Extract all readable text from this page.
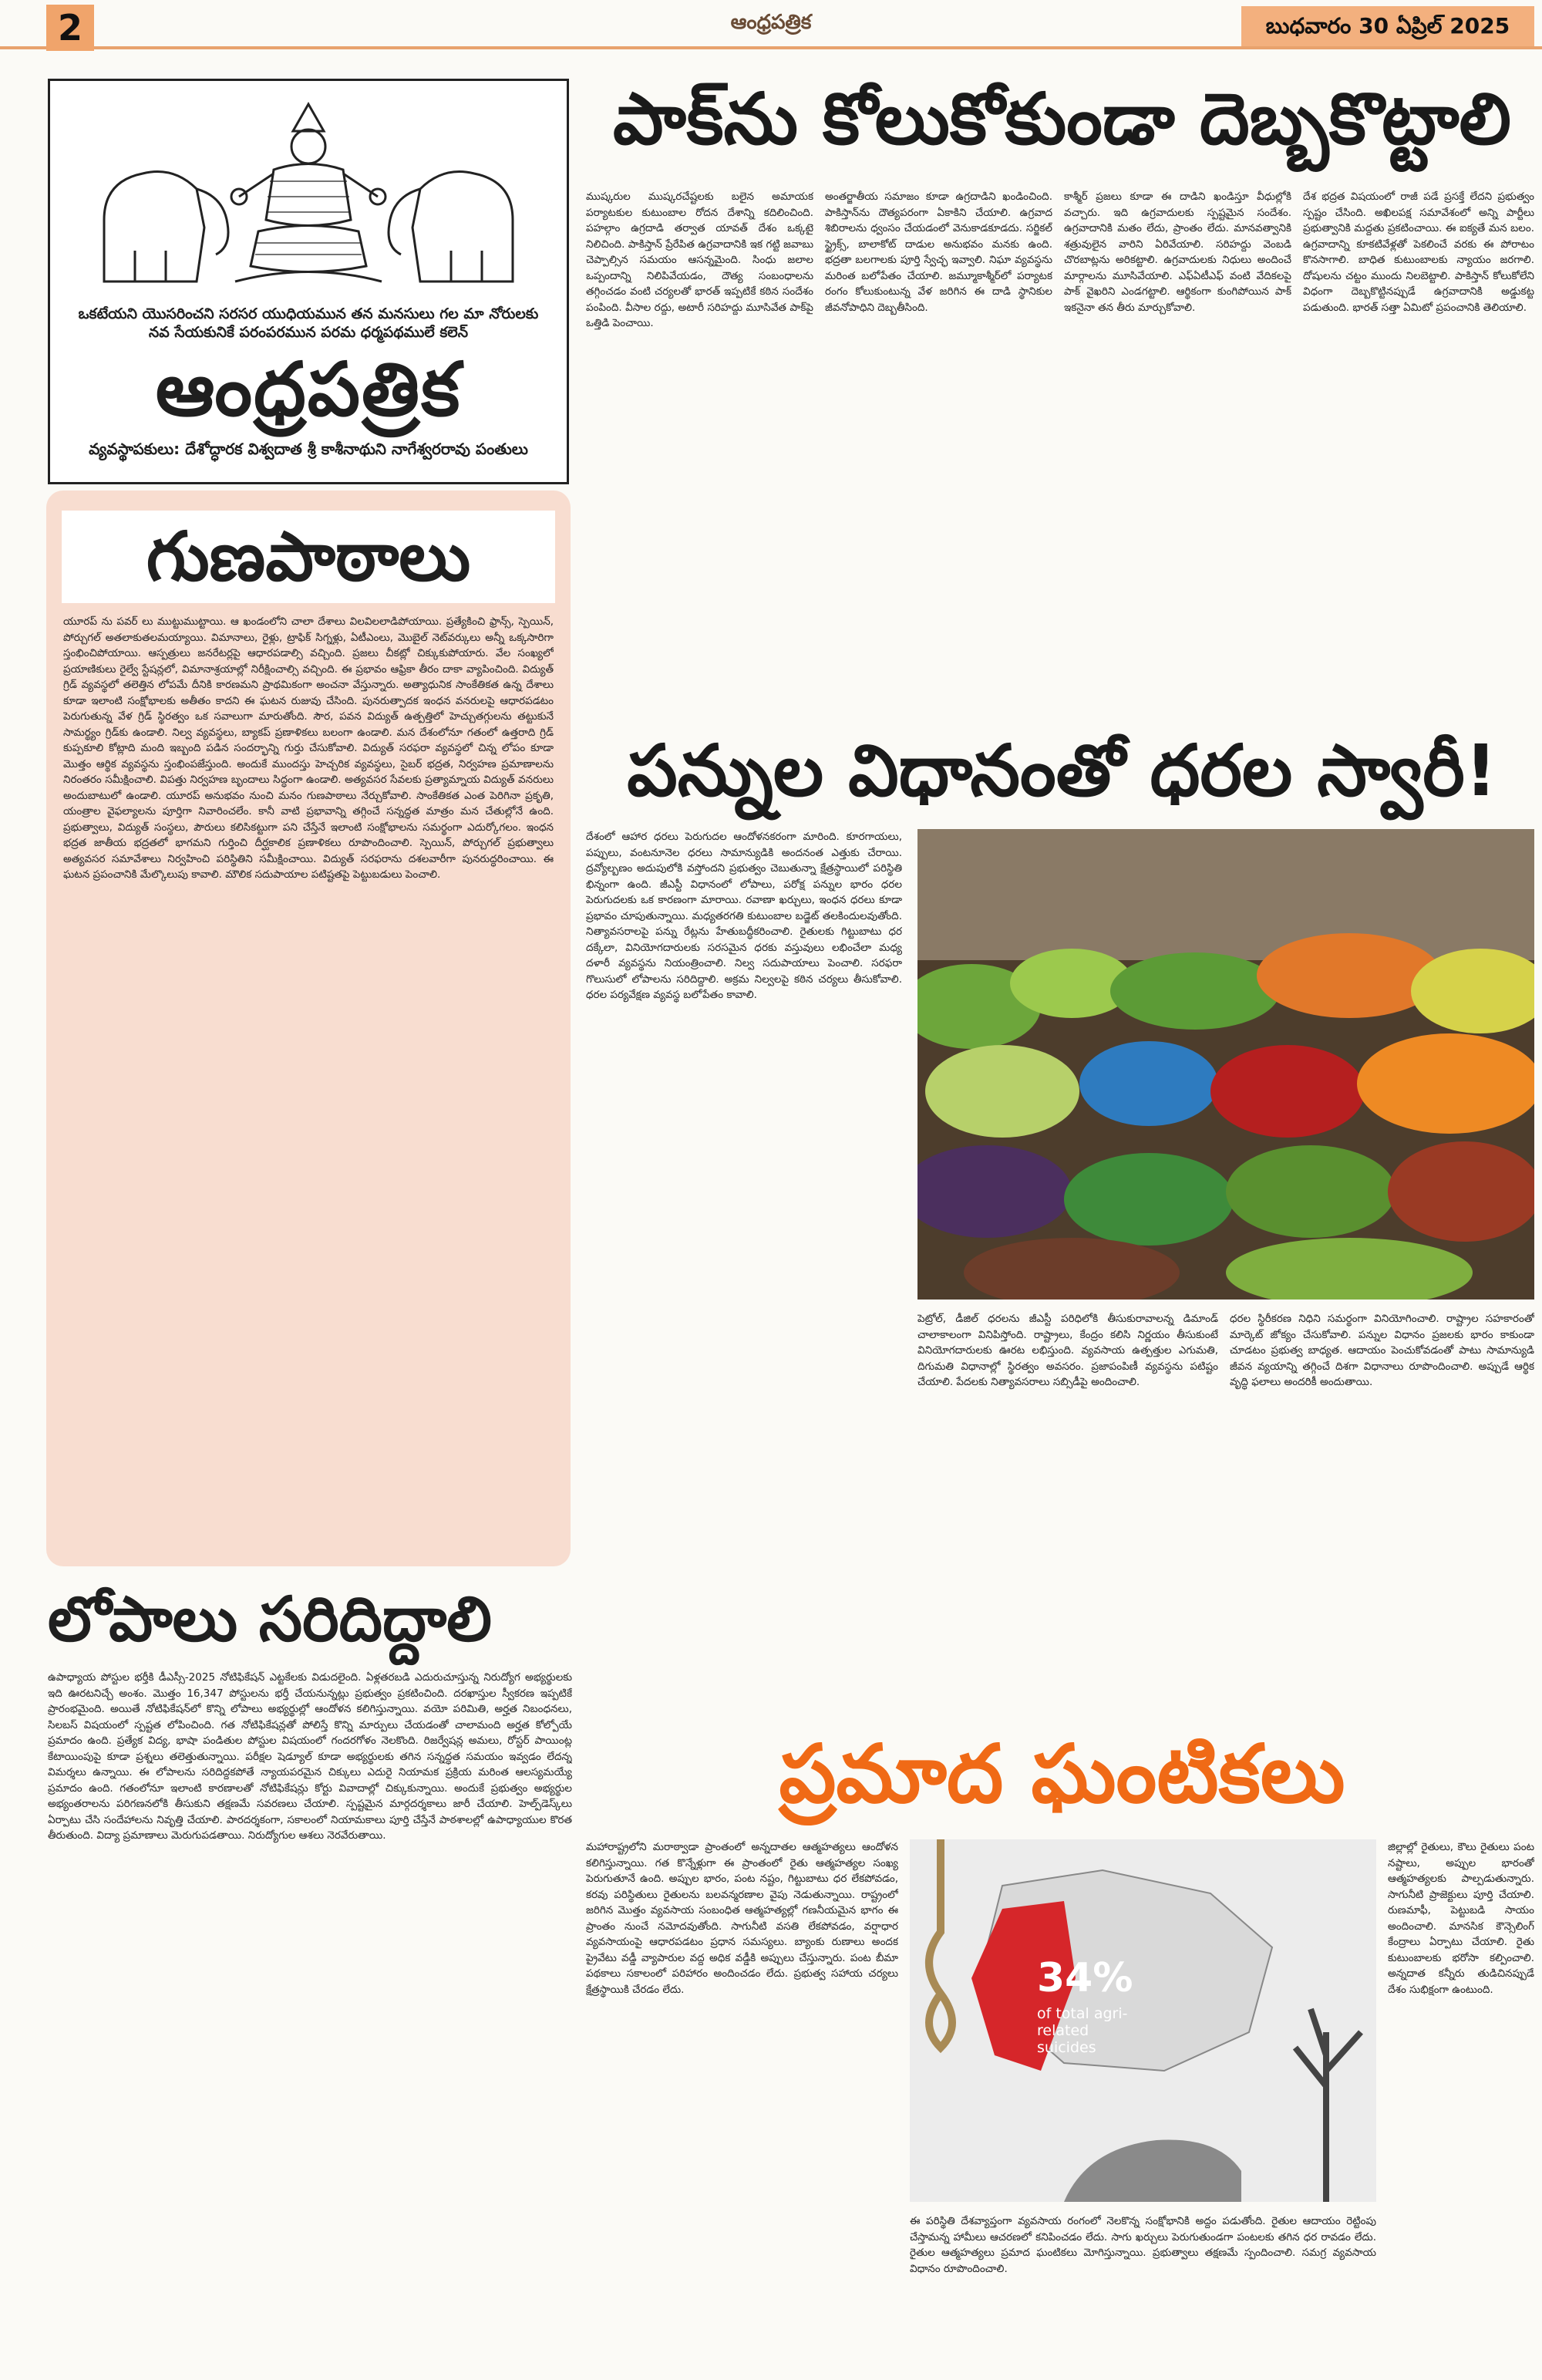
2	ఆంధ్రపత్రిక	బుధవారం 30 ఏప్రిల్ 2025
ఒకటేయని యొసరించని సరసర యుధియమున తన మనసులు గల మా నోరులకు నవ సేయకునికే పరంపరమున పరమ ధర్మపథములే కలెన్
ఆంధ్రపత్రిక
వ్యవస్థాపకులు: దేశోద్ధారక విశ్వదాత శ్రీ కాశీనాథుని నాగేశ్వరరావు పంతులు
గుణపాఠాలు
యూరప్ ను పవర్ లు ముట్టుముట్టాయి. ఆ ఖండంలోని చాలా దేశాలు విలవిలలాడిపోయాయి. ప్రత్యేకించి ఫ్రాన్స్, స్పెయిన్, పోర్చుగల్ అతలాకుతలమయ్యాయి. విమానాలు, రైళ్లు, ట్రాఫిక్ సిగ్నళ్లు, ఏటీఎంలు, మొబైల్ నెట్‌వర్కులు అన్నీ ఒక్కసారిగా స్తంభించిపోయాయి. ఆస్పత్రులు జనరేటర్లపై ఆధారపడాల్సి వచ్చింది. ప్రజలు చీకట్లో చిక్కుకుపోయారు. వేల సంఖ్యలో ప్రయాణికులు రైల్వే స్టేషన్లలో, విమానాశ్రయాల్లో నిరీక్షించాల్సి వచ్చింది. ఈ ప్రభావం ఆఫ్రికా తీరం దాకా వ్యాపించింది. విద్యుత్ గ్రిడ్ వ్యవస్థలో తలెత్తిన లోపమే దీనికి కారణమని ప్రాథమికంగా అంచనా వేస్తున్నారు. అత్యాధునిక సాంకేతికత ఉన్న దేశాలు కూడా ఇలాంటి సంక్షోభాలకు అతీతం కాదని ఈ ఘటన రుజువు చేసింది. పునరుత్పాదక ఇంధన వనరులపై ఆధారపడటం పెరుగుతున్న వేళ గ్రిడ్ స్థిరత్వం ఒక సవాలుగా మారుతోంది. సౌర, పవన విద్యుత్ ఉత్పత్తిలో హెచ్చుతగ్గులను తట్టుకునే సామర్థ్యం గ్రిడ్‌కు ఉండాలి. నిల్వ వ్యవస్థలు, బ్యాకప్ ప్రణాళికలు బలంగా ఉండాలి. మన దేశంలోనూ గతంలో ఉత్తరాది గ్రిడ్ కుప్పకూలి కోట్లాది మంది ఇబ్బంది పడిన సందర్భాన్ని గుర్తు చేసుకోవాలి. విద్యుత్ సరఫరా వ్యవస్థలో చిన్న లోపం కూడా మొత్తం ఆర్థిక వ్యవస్థను స్తంభింపజేస్తుంది. అందుకే ముందస్తు హెచ్చరిక వ్యవస్థలు, సైబర్ భద్రత, నిర్వహణ ప్రమాణాలను నిరంతరం సమీక్షించాలి. విపత్తు నిర్వహణ బృందాలు సిద్ధంగా ఉండాలి. అత్యవసర సేవలకు ప్రత్యామ్నాయ విద్యుత్ వనరులు అందుబాటులో ఉండాలి. యూరప్ అనుభవం నుంచి మనం గుణపాఠాలు నేర్చుకోవాలి. సాంకేతికత ఎంత పెరిగినా ప్రకృతి, యంత్రాల వైఫల్యాలను పూర్తిగా నివారించలేం. కానీ వాటి ప్రభావాన్ని తగ్గించే సన్నద్ధత మాత్రం మన చేతుల్లోనే ఉంది. ప్రభుత్వాలు, విద్యుత్ సంస్థలు, పౌరులు కలిసికట్టుగా పని చేస్తేనే ఇలాంటి సంక్షోభాలను సమర్థంగా ఎదుర్కోగలం. ఇంధన భద్రత జాతీయ భద్రతలో భాగమని గుర్తించి దీర్ఘకాలిక ప్రణాళికలు రూపొందించాలి. స్పెయిన్, పోర్చుగల్ ప్రభుత్వాలు అత్యవసర సమావేశాలు నిర్వహించి పరిస్థితిని సమీక్షించాయి. విద్యుత్ సరఫరాను దశలవారీగా పునరుద్ధరించాయి. ఈ ఘటన ప్రపంచానికి మేల్కొలుపు కావాలి. మౌలిక సదుపాయాల పటిష్టతపై పెట్టుబడులు పెంచాలి.
లోపాలు సరిదిద్దాలి
ఉపాధ్యాయ పోస్టుల భర్తీకి డీఎస్సీ-2025 నోటిఫికేషన్ ఎట్టకేలకు విడుదలైంది. ఏళ్లతరబడి ఎదురుచూస్తున్న నిరుద్యోగ అభ్యర్థులకు ఇది ఊరటనిచ్చే అంశం. మొత్తం 16,347 పోస్టులను భర్తీ చేయనున్నట్లు ప్రభుత్వం ప్రకటించింది. దరఖాస్తుల స్వీకరణ ఇప్పటికే ప్రారంభమైంది. అయితే నోటిఫికేషన్‌లో కొన్ని లోపాలు అభ్యర్థుల్లో ఆందోళన కలిగిస్తున్నాయి. వయో పరిమితి, అర్హత నిబంధనలు, సిలబస్ విషయంలో స్పష్టత లోపించింది. గత నోటిఫికేషన్లతో పోలిస్తే కొన్ని మార్పులు చేయడంతో చాలామంది అర్హత కోల్పోయే ప్రమాదం ఉంది. ప్రత్యేక విద్య, భాషా పండితుల పోస్టుల విషయంలో గందరగోళం నెలకొంది. రిజర్వేషన్ల అమలు, రోస్టర్ పాయింట్ల కేటాయింపుపై కూడా ప్రశ్నలు తలెత్తుతున్నాయి. పరీక్షల షెడ్యూల్ కూడా అభ్యర్థులకు తగిన సన్నద్ధత సమయం ఇవ్వడం లేదన్న విమర్శలు ఉన్నాయి. ఈ లోపాలను సరిదిద్దకపోతే న్యాయపరమైన చిక్కులు ఎదురై నియామక ప్రక్రియ మరింత ఆలస్యమయ్యే ప్రమాదం ఉంది. గతంలోనూ ఇలాంటి కారణాలతో నోటిఫికేషన్లు కోర్టు వివాదాల్లో చిక్కుకున్నాయి. అందుకే ప్రభుత్వం అభ్యర్థుల అభ్యంతరాలను పరిగణనలోకి తీసుకుని తక్షణమే సవరణలు చేయాలి. స్పష్టమైన మార్గదర్శకాలు జారీ చేయాలి. హెల్ప్‌డెస్క్‌లు ఏర్పాటు చేసి సందేహాలను నివృత్తి చేయాలి. పారదర్శకంగా, సకాలంలో నియామకాలు పూర్తి చేస్తేనే పాఠశాలల్లో ఉపాధ్యాయుల కొరత తీరుతుంది. విద్యా ప్రమాణాలు మెరుగుపడతాయి. నిరుద్యోగుల ఆశలు నెరవేరుతాయి.
పాక్‌ను కోలుకోకుండా దెబ్బకొట్టాలి
ముష్కరుల ముష్కరచేష్టలకు బలైన అమాయక పర్యాటకుల కుటుంబాల రోదన దేశాన్ని కదిలించింది. పహల్గాం ఉగ్రదాడి తర్వాత యావత్ దేశం ఒక్కటై నిలిచింది. పాకిస్తాన్ ప్రేరేపిత ఉగ్రవాదానికి ఇక గట్టి జవాబు చెప్పాల్సిన సమయం ఆసన్నమైంది. సింధు జలాల ఒప్పందాన్ని నిలిపివేయడం, దౌత్య సంబంధాలను తగ్గించడం వంటి చర్యలతో భారత్ ఇప్పటికే కఠిన సందేశం పంపింది. వీసాల రద్దు, అటారీ సరిహద్దు మూసివేత పాక్‌పై ఒత్తిడి పెంచాయి.
అంతర్జాతీయ సమాజం కూడా ఉగ్రదాడిని ఖండించింది. పాకిస్తాన్‌ను దౌత్యపరంగా ఏకాకిని చేయాలి. ఉగ్రవాద శిబిరాలను ధ్వంసం చేయడంలో వెనుకాడకూడదు. సర్జికల్ స్ట్రైక్స్, బాలాకోట్ దాడుల అనుభవం మనకు ఉంది. భద్రతా బలగాలకు పూర్తి స్వేచ్ఛ ఇవ్వాలి. నిఘా వ్యవస్థను మరింత బలోపేతం చేయాలి. జమ్మూకాశ్మీర్‌లో పర్యాటక రంగం కోలుకుంటున్న వేళ జరిగిన ఈ దాడి స్థానికుల జీవనోపాధిని దెబ్బతీసింది.
కాశ్మీర్ ప్రజలు కూడా ఈ దాడిని ఖండిస్తూ వీధుల్లోకి వచ్చారు. ఇది ఉగ్రవాదులకు స్పష్టమైన సందేశం. ఉగ్రవాదానికి మతం లేదు, ప్రాంతం లేదు. మానవత్వానికి శత్రువులైన వారిని ఏరివేయాలి. సరిహద్దు వెంబడి చొరబాట్లను అరికట్టాలి. ఉగ్రవాదులకు నిధులు అందించే మార్గాలను మూసివేయాలి. ఎఫ్‌ఏటీఎఫ్ వంటి వేదికలపై పాక్ వైఖరిని ఎండగట్టాలి. ఆర్థికంగా కుంగిపోయిన పాక్ ఇకనైనా తన తీరు మార్చుకోవాలి.
దేశ భద్రత విషయంలో రాజీ పడే ప్రసక్తే లేదని ప్రభుత్వం స్పష్టం చేసింది. అఖిలపక్ష సమావేశంలో అన్ని పార్టీలు ప్రభుత్వానికి మద్దతు ప్రకటించాయి. ఈ ఐక్యతే మన బలం. ఉగ్రవాదాన్ని కూకటివేళ్లతో పెకలించే వరకు ఈ పోరాటం కొనసాగాలి. బాధిత కుటుంబాలకు న్యాయం జరగాలి. దోషులను చట్టం ముందు నిలబెట్టాలి. పాకిస్తాన్ కోలుకోలేని విధంగా దెబ్బకొట్టినప్పుడే ఉగ్రవాదానికి అడ్డుకట్ట పడుతుంది. భారత్ సత్తా ఏమిటో ప్రపంచానికి తెలియాలి.
పన్నుల విధానంతో ధరల స్వారీ!
దేశంలో ఆహార ధరలు పెరుగుదల ఆందోళనకరంగా మారింది. కూరగాయలు, పప్పులు, వంటనూనెల ధరలు సామాన్యుడికి అందనంత ఎత్తుకు చేరాయి. ద్రవ్యోల్బణం అదుపులోకి వస్తోందని ప్రభుత్వం చెబుతున్నా క్షేత్రస్థాయిలో పరిస్థితి భిన్నంగా ఉంది. జీఎస్టీ విధానంలో లోపాలు, పరోక్ష పన్నుల భారం ధరల పెరుగుదలకు ఒక కారణంగా మారాయి. రవాణా ఖర్చులు, ఇంధన ధరలు కూడా ప్రభావం చూపుతున్నాయి. మధ్యతరగతి కుటుంబాల బడ్జెట్ తలకిందులవుతోంది. నిత్యావసరాలపై పన్ను రేట్లను హేతుబద్ధీకరించాలి. రైతులకు గిట్టుబాటు ధర దక్కేలా, వినియోగదారులకు సరసమైన ధరకు వస్తువులు లభించేలా మధ్య దళారీ వ్యవస్థను నియంత్రించాలి. నిల్వ సదుపాయాలు పెంచాలి. సరఫరా గొలుసులో లోపాలను సరిదిద్దాలి. అక్రమ నిల్వలపై కఠిన చర్యలు తీసుకోవాలి. ధరల పర్యవేక్షణ వ్యవస్థ బలోపేతం కావాలి.
పెట్రోల్, డీజిల్ ధరలను జీఎస్టీ పరిధిలోకి తీసుకురావాలన్న డిమాండ్ చాలాకాలంగా వినిపిస్తోంది. రాష్ట్రాలు, కేంద్రం కలిసి నిర్ణయం తీసుకుంటే వినియోగదారులకు ఊరట లభిస్తుంది. వ్యవసాయ ఉత్పత్తుల ఎగుమతి, దిగుమతి విధానాల్లో స్థిరత్వం అవసరం. ప్రజాపంపిణీ వ్యవస్థను పటిష్టం చేయాలి. పేదలకు నిత్యావసరాలు సబ్సిడీపై అందించాలి.
ధరల స్థిరీకరణ నిధిని సమర్థంగా వినియోగించాలి. రాష్ట్రాల సహకారంతో మార్కెట్ జోక్యం చేసుకోవాలి. పన్నుల విధానం ప్రజలకు భారం కాకుండా చూడటం ప్రభుత్వ బాధ్యత. ఆదాయం పెంచుకోవడంతో పాటు సామాన్యుడి జీవన వ్యయాన్ని తగ్గించే దిశగా విధానాలు రూపొందించాలి. అప్పుడే ఆర్థిక వృద్ధి ఫలాలు అందరికీ అందుతాయి.
ప్రమాద ఘంటికలు
మహారాష్ట్రలోని మరాఠ్వాడా ప్రాంతంలో అన్నదాతల ఆత్మహత్యలు ఆందోళన కలిగిస్తున్నాయి. గత కొన్నేళ్లుగా ఈ ప్రాంతంలో రైతు ఆత్మహత్యల సంఖ్య పెరుగుతూనే ఉంది. అప్పుల భారం, పంట నష్టం, గిట్టుబాటు ధర లేకపోవడం, కరవు పరిస్థితులు రైతులను బలవన్మరణాల వైపు నెడుతున్నాయి. రాష్ట్రంలో జరిగిన మొత్తం వ్యవసాయ సంబంధిత ఆత్మహత్యల్లో గణనీయమైన భాగం ఈ ప్రాంతం నుంచే నమోదవుతోంది. సాగునీటి వసతి లేకపోవడం, వర్షాధార వ్యవసాయంపై ఆధారపడటం ప్రధాన సమస్యలు. బ్యాంకు రుణాలు అందక ప్రైవేటు వడ్డీ వ్యాపారుల వద్ద అధిక వడ్డీకి అప్పులు చేస్తున్నారు. పంట బీమా పథకాలు సకాలంలో పరిహారం అందించడం లేదు. ప్రభుత్వ సహాయ చర్యలు క్షేత్రస్థాయికి చేరడం లేదు.	34%
of total agri-related suicides
ఈ పరిస్థితి దేశవ్యాప్తంగా వ్యవసాయ రంగంలో నెలకొన్న సంక్షోభానికి అద్దం పడుతోంది. రైతుల ఆదాయం రెట్టింపు చేస్తామన్న హామీలు ఆచరణలో కనిపించడం లేదు. సాగు ఖర్చులు పెరుగుతుండగా పంటలకు తగిన ధర రావడం లేదు. రైతుల ఆత్మహత్యలు ప్రమాద ఘంటికలు మోగిస్తున్నాయి. ప్రభుత్వాలు తక్షణమే స్పందించాలి. సమగ్ర వ్యవసాయ విధానం రూపొందించాలి.
జిల్లాల్లో రైతులు, కౌలు రైతులు పంట నష్టాలు, అప్పుల భారంతో ఆత్మహత్యలకు పాల్పడుతున్నారు. సాగునీటి ప్రాజెక్టులు పూర్తి చేయాలి. రుణమాఫీ, పెట్టుబడి సాయం అందించాలి. మానసిక కౌన్సెలింగ్ కేంద్రాలు ఏర్పాటు చేయాలి. రైతు కుటుంబాలకు భరోసా కల్పించాలి. అన్నదాత కన్నీరు తుడిచినప్పుడే దేశం సుభిక్షంగా ఉంటుంది.
